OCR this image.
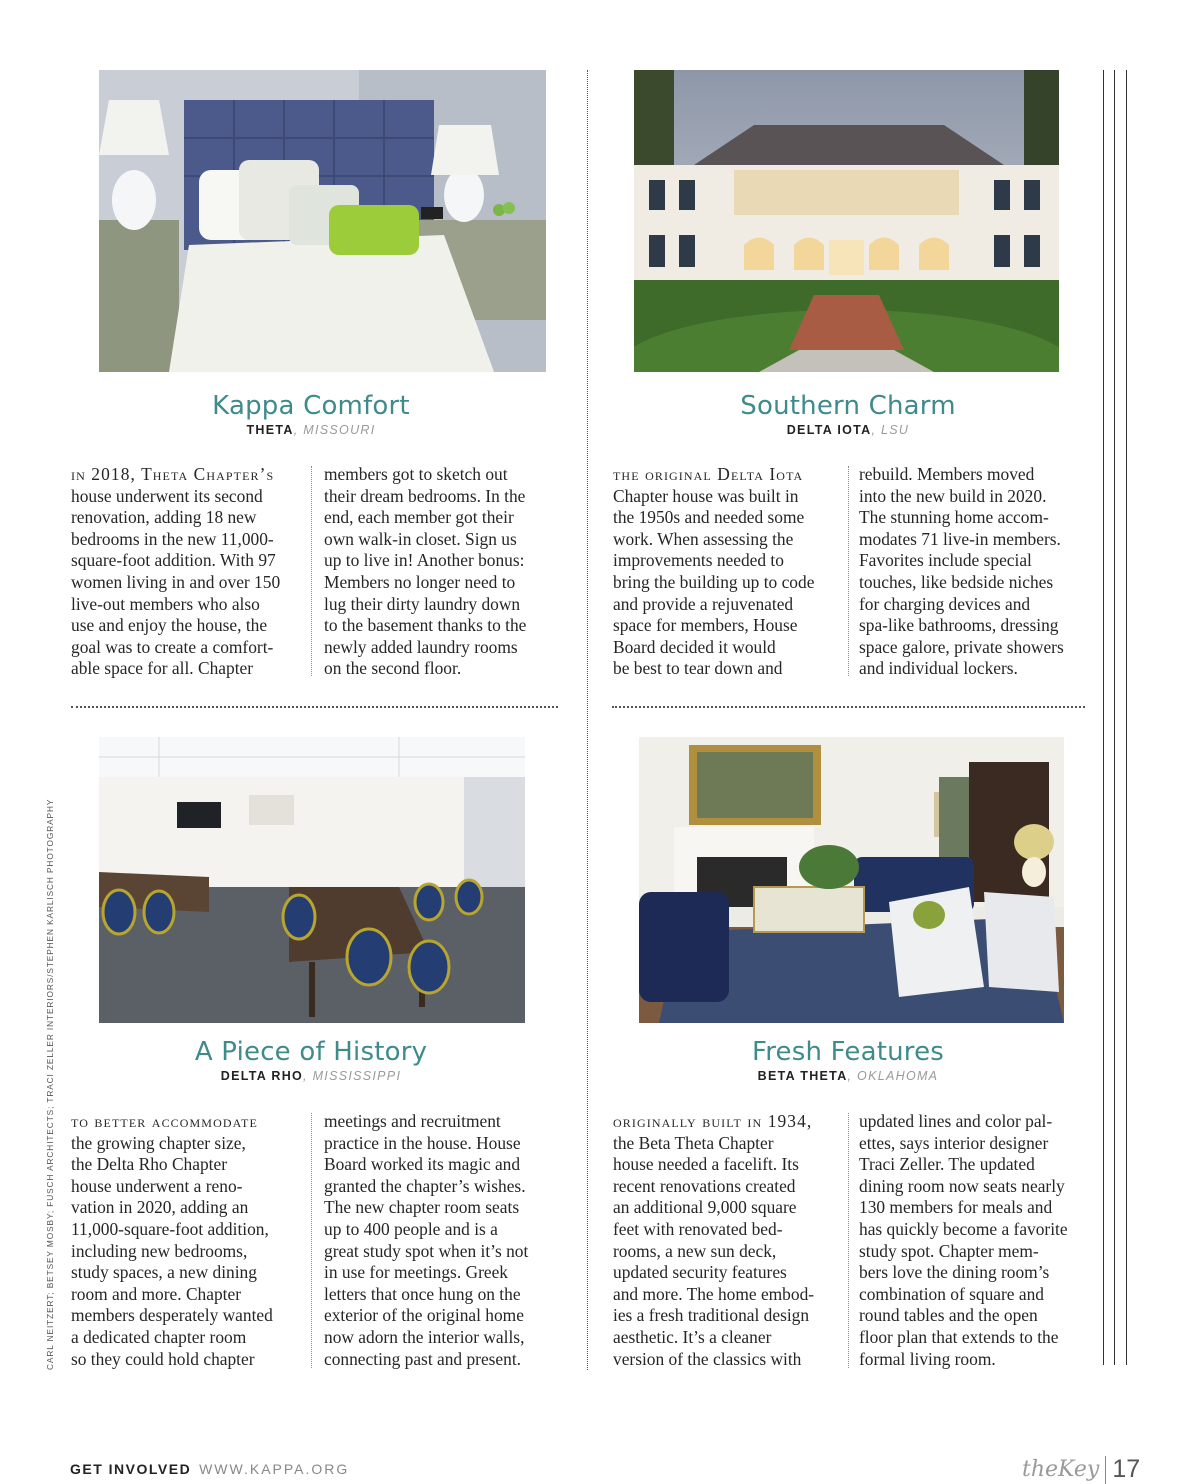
Kappa Comfort
THETA, MISSOURI
Southern Charm
DELTA IOTA, LSU
A Piece of History
DELTA RHO, MISSISSIPPI
Fresh Features
BETA THETA, OKLAHOMA
in 2018, Theta Chapter’s
house underwent its second
renovation, adding 18 new
bedrooms in the new 11,000-
square-foot addition. With 97
women living in and over 150
live-out members who also
use and enjoy the house, the
goal was to create a comfort-
able space for all. Chapter
members got to sketch out
their dream bedrooms. In the
end, each member got their
own walk-in closet. Sign us
up to live in! Another bonus:
Members no longer need to
lug their dirty laundry down
to the basement thanks to the
newly added laundry rooms
on the second floor.
the original Delta Iota
Chapter house was built in
the 1950s and needed some
work. When assessing the
improvements needed to
bring the building up to code
and provide a rejuvenated
space for members, House
Board decided it would
be best to tear down and
rebuild. Members moved
into the new build in 2020.
The stunning home accom-
modates 71 live-in members.
Favorites include special
touches, like bedside niches
for charging devices and
spa-like bathrooms, dressing
space galore, private showers
and individual lockers.
to better accommodate
the growing chapter size,
the Delta Rho Chapter
house underwent a reno-
vation in 2020, adding an
11,000-square-foot addition,
including new bedrooms,
study spaces, a new dining
room and more. Chapter
members desperately wanted
a dedicated chapter room
so they could hold chapter
meetings and recruitment
practice in the house. House
Board worked its magic and
granted the chapter’s wishes.
The new chapter room seats
up to 400 people and is a
great study spot when it’s not
in use for meetings. Greek
letters that once hung on the
exterior of the original home
now adorn the interior walls,
connecting past and present.
originally built in 1934,
the Beta Theta Chapter
house needed a facelift. Its
recent renovations created
an additional 9,000 square
feet with renovated bed-
rooms, a new sun deck,
updated security features
and more. The home embod-
ies a fresh traditional design
aesthetic. It’s a cleaner
version of the classics with
updated lines and color pal-
ettes, says interior designer
Traci Zeller. The updated
dining room now seats nearly
130 members for meals and
has quickly become a favorite
study spot. Chapter mem-
bers love the dining room’s
combination of square and
round tables and the open
floor plan that extends to the
formal living room.
CARL NEITZERT; BETSEY MOSBY; FUSCH ARCHITECTS; TRACI ZELLER INTERIORS/STEPHEN KARLISCH PHOTOGRAPHY
GET INVOLVED WWW.KAPPA.ORG	theKey 17
